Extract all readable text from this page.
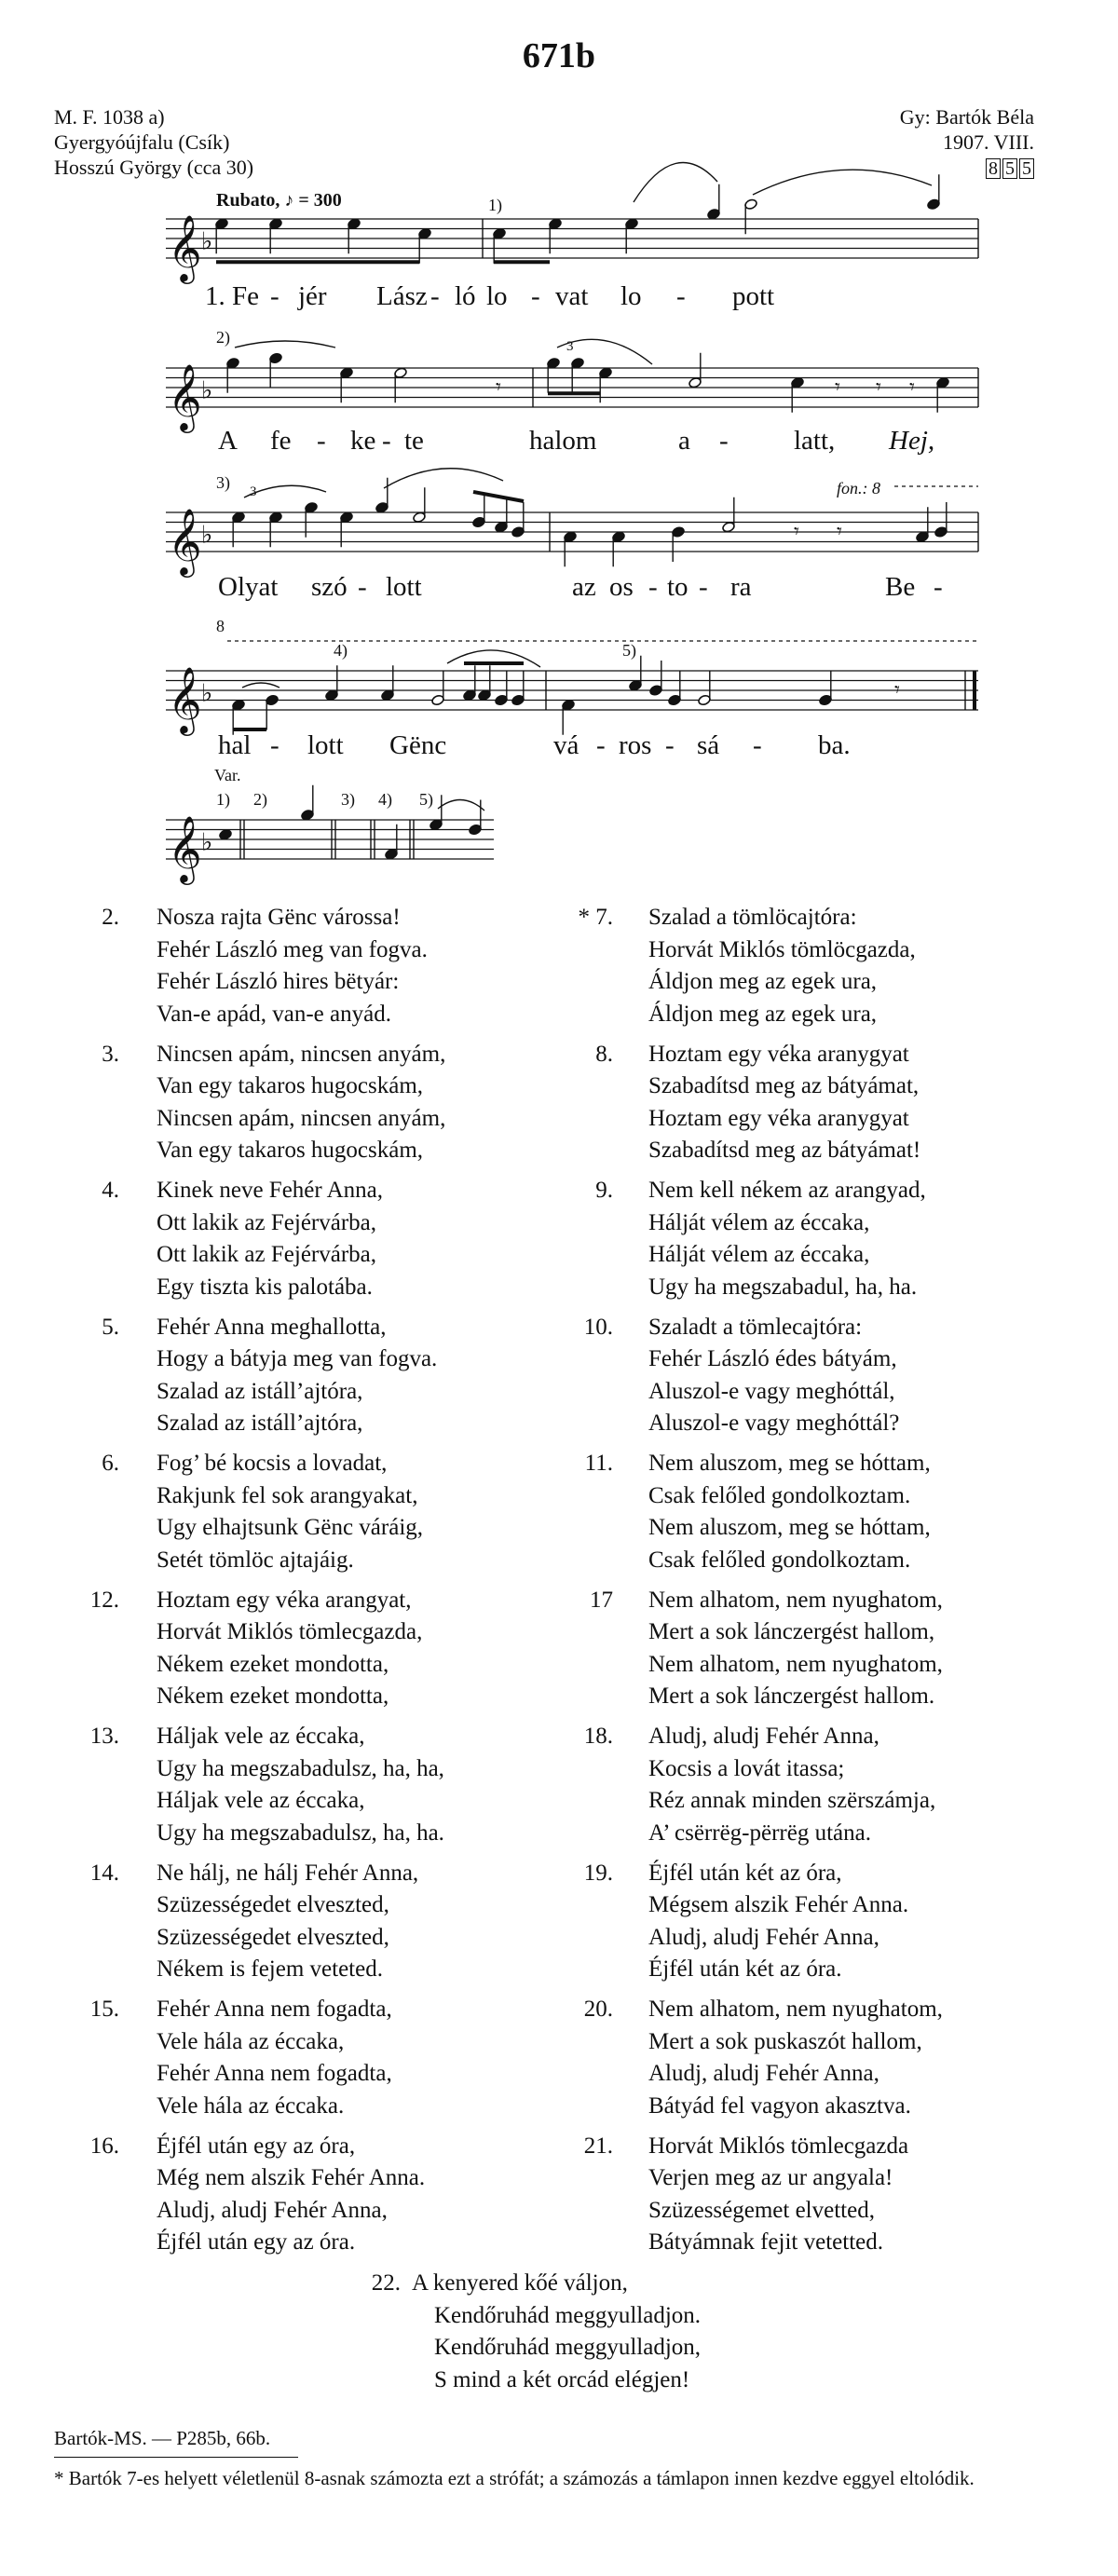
671b
M. F. 1038 a)
Gyergyóújfalu (Csík)
Hosszú György (cca 30)
Gy: Bartók Béla
1907. VIII.
8 5 5
𝄞 ♭
𝄞 ♭	𝄾	𝄾 𝄾 𝄾
𝄞 ♭	𝄾 𝄾
𝄞 ♭	𝄾
𝄞 ♭
Rubato, ♪ = 300
fon.: 8
8
Var.
1) 2)	3) 4) 5)
1)
2)
3)
4)	5)
3
3
1. Fe - jér Lász - ló lo - vat lo - pott
A fe - ke - te	halom	a - latt, Hej,
Olyat szó - lott	az os - to - ra	Be -
hal - lott Gënc	vá - ros - sá - ba.
2. Nosza rajta Gënc várossa!
Fehér László meg van fogva.
Fehér László hires bëtyár:
Van-e apád, van-e anyád.
3. Nincsen apám, nincsen anyám,
Van egy takaros hugocskám,
Nincsen apám, nincsen anyám,
Van egy takaros hugocskám,
4. Kinek neve Fehér Anna,
Ott lakik az Fejérvárba,
Ott lakik az Fejérvárba,
Egy tiszta kis palotába.
5. Fehér Anna meghallotta,
Hogy a bátyja meg van fogva.
Szalad az istáll’ajtóra,
Szalad az istáll’ajtóra,
6. Fog’ bé kocsis a lovadat,
Rakjunk fel sok arangyakat,
Ugy elhajtsunk Gënc váráig,
Setét tömlöc ajtajáig.
12. Hoztam egy véka arangyat,
Horvát Miklós tömlecgazda,
Nékem ezeket mondotta,
Nékem ezeket mondotta,
13. Háljak vele az éccaka,
Ugy ha megszabadulsz, ha, ha,
Háljak vele az éccaka,
Ugy ha megszabadulsz, ha, ha.
14. Ne hálj, ne hálj Fehér Anna,
Szüzességedet elveszted,
Szüzességedet elveszted,
Nékem is fejem veteted.
15. Fehér Anna nem fogadta,
Vele hála az éccaka,
Fehér Anna nem fogadta,
Vele hála az éccaka.
16. Éjfél után egy az óra,
Még nem alszik Fehér Anna.
Aludj, aludj Fehér Anna,
Éjfél után egy az óra.
* 7. Szalad a tömlöcajtóra:
Horvát Miklós tömlöcgazda,
Áldjon meg az egek ura,
Áldjon meg az egek ura,
8. Hoztam egy véka aranygyat
Szabadítsd meg az bátyámat,
Hoztam egy véka aranygyat
Szabadítsd meg az bátyámat!
9. Nem kell nékem az arangyad,
Hálját vélem az éccaka,
Hálját vélem az éccaka,
Ugy ha megszabadul, ha, ha.
10. Szaladt a tömlecajtóra:
Fehér László édes bátyám,
Aluszol-e vagy meghóttál,
Aluszol-e vagy meghóttál?
11. Nem aluszom, meg se hóttam,
Csak felőled gondolkoztam.
Nem aluszom, meg se hóttam,
Csak felőled gondolkoztam.
17 Nem alhatom, nem nyughatom,
Mert a sok lánczergést hallom,
Nem alhatom, nem nyughatom,
Mert a sok lánczergést hallom.
18. Aludj, aludj Fehér Anna,
Kocsis a lovát itassa;
Réz annak minden szërszámja,
A’ csërrëg-përrëg utána.
19. Éjfél után két az óra,
Mégsem alszik Fehér Anna.
Aludj, aludj Fehér Anna,
Éjfél után két az óra.
20. Nem alhatom, nem nyughatom,
Mert a sok puskaszót hallom,
Aludj, aludj Fehér Anna,
Bátyád fel vagyon akasztva.
21. Horvát Miklós tömlecgazda
Verjen meg az ur angyala!
Szüzességemet elvetted,
Bátyámnak fejit vetetted.
22. A kenyered kőé váljon,
Kendőruhád meggyulladjon.
Kendőruhád meggyulladjon,
S mind a két orcád elégjen!
Bartók-MS. — P285b, 66b.
* Bartók 7-es helyett véletlenül 8-asnak számozta ezt a strófát; a számozás a támlapon innen kezdve eggyel eltolódik.
